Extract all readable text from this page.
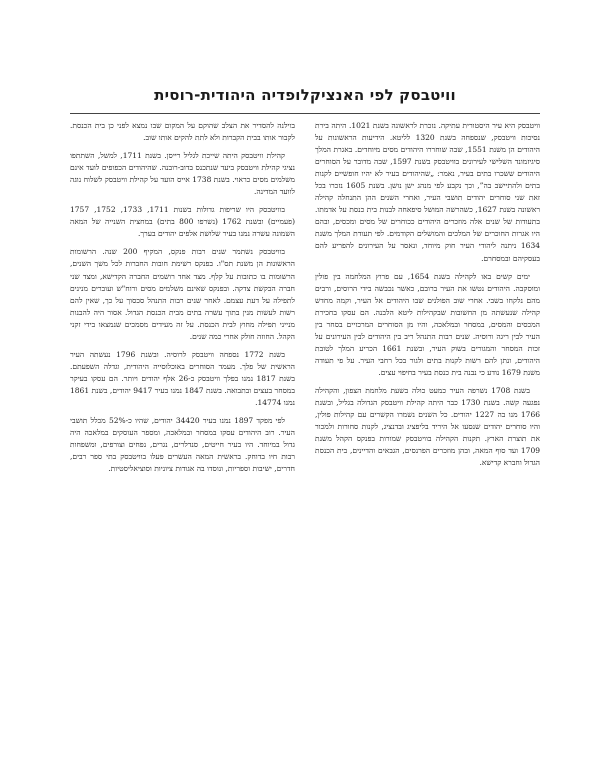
וויטבסק לפי האנציקלופדיה היהודית-רוסית

וויטבסק היא עיר היסטורית עתיקה. נזכרת לראשונה בשנת 1021. היתה בירת נסיכות וויטבסק, שנספחה בשנת 1320 לליטא. הידיעות הראשונות על היהודים הן משנת 1551, שבה שוחררו היהודים מסים מיוחדים. באגרת המלך סיגיזמונד השלישי לעירונים בוויטבסק בשנת 1597, שבה מדובר על הסוחרים היהודים ששכרו בתים בעיר, נאמר: „שהיהודים בעיר לא יהיו חופשיים לקנות בתים ולהתיישב בה”, וכך נקבע לפי מנהג ישן נושן. בשנת 1605 נזכרו בכל זאת שני סוחרים יהודים תושבי העיר, ואחרי השנים ההן התנחלה קהילה ראשונה בשנת 1627, כשהרשה המושל סיפאחה לבנות בית כנסת על אדמתו. בתעודות של שנים אלה מוזכרים היהודים ככוחרים של מסים ומכסים, ובהם היו אגרות החוכרים של המלכים והמושלים הקודמים. לפי תעודת המלך משנת 1634 ניתנה ליהודי העיר חוק מיוחד, ונאסר על העירונים להפריע להם בעסקיהם ובמסחרם.

ימים קשים באו לקהילה בשנת 1654, עם פרוץ המלחמה בין פולין ומוסקבה. היהודים נטשו את העיר ברובם, כאשר נכבשה בידי הרוסים, ורבים מהם נלקחו בשבי. אחרי שוב הפולנים שבו היהודים אל העיר, וקמה מחדש קהילה שנעשתה מן החשובות שבקהילות ליטא הלבנה. הם עסקו בחכירת המכסים והמסים, במסחר ובמלאכה, והיו מן הסוחרים המרכזיים בסחר בין העיר לבין ריגה ורוסיה. שנים רבות התנהל ריב בין היהודים לבין העירונים על זכות המסחר והמגורים בשוק העיר, ובשנת 1661 הכריע המלך לטובת היהודים, ונתן להם רשות לקנות בתים ולגור בכל רחבי העיר. על פי תעודה משנת 1679 נודע כי נבנה בית כנסת בעיר בחיפוי עצים.

בשנת 1708 נשרפה העיר כמעט כולה בשעת מלחמת הצפון, והקהילה נפגעה קשה. בשנת 1730 כבר היתה קהילת וויטבסק הגדולה בגליל, ובשנת 1766 מנו בה 1227 יהודים. כל השנים נשמרו הקשרים עם קהילות פולין, והיו סוחרים יהודים שנסעו אל היריד בליפציג ובדנציג, לקנות סחורות ולמכור את תוצרת הארץ. תקנות הקהילה בוויטבסק שמורות בפנקס הקהל משנת 1709 ועד סוף המאה, ובהן מוזכרים הפרנסים, הגבאים והדיינים, בית הכנסת הגדול וחברא קדישא.

בוילנה להסדיר את הצלב שהוקם על המקום שבו נמצא לפני כן בית הכנסת. לקבור אותו בבית הקברות ולא לתת להקים אותו שוב.

קהילת וויטבסק היתה שייכת לגליל רייסן. בשנת 1711, למשל, השתתפו נציגי קהילת וויטבסק ביעד שנתכנס בדוב-רובנה. שהיהודים הכפופים לועד אינם משלמים מסים כראוי. בשנת 1738 אייס הועד על קהילת וויטבסק לשלוח נוגה לוועד המדינה.

בוויטבסק היו שריפות גדולות בשנות 1711, 1733, 1752, 1757 (פעמיים) ובשנת 1762 (נשרפו 800 בתים) במחצית השנייה של המאה השמונה עשרה נמנו בעיר שלושת אלפים יהודים בערך.

בוויטבסק נשתמר שנים רבות פנקס, המקיף 200 שנה. הרשומות הראשונות הן משנת תס"ו. בפנקס רשימת חובות החברות לכל משך השנים, הרשומות בו כתובות על קלף. מצד אחד רושמים החברה הקדישא, ומצד שני חברה הבקשת צדקה. ובפנקס שאינם משלמים מסים ורוח"ש ועוברים מנינים לתפילה על דעת עצמם. לאחר שנים רבות התנהל סכסוך על כך, שאין להם רשות לעשות מנין בתוך עשרה בתים מבית הכנסת הגדול. אסור היה להבנות מנייני תפילה מחוץ לבית הכנסת. על זה מעידים מסמכים שנמצאו בידי זקני הקהל. החוזה חולק אחרי כמה שנים.

בשנת 1772 נספחה וויטבסק לרוסיה. ובשנת 1796 נעשתה העיר הראשית של פלך. מעמד הסוחרים באוכלוסייה היהודית, וגדלה השפעתם. בשנת 1817 נמנו בפלך וויטבסק כ-26 אלף יהודים ויותר. הם עסקו בעיקר במסחר בעצים ובתבואה. בשנת 1847 נמנו בעיר 9417 יהודים, בשנת 1861 נמנו 14774.

לפי מפקד 1897 נמנו בעיר 34420 יהודים, שהיו כ-52% מכלל תושבי העיר. רוב היהודים עסקו במסחר ובמלאכה, ומספר העוסקים במלאכה היה גדול במיוחד. היו בעיר חייטים, סנדלרים, נגרים, נפחים וצורפים, ומשפחות רבות חיו בדוחק. בראשית המאה העשרים פעלו בוויטבסק בתי ספר רבים, חדרים, ישיבות וספריות, ונוסדו בה אגודות ציוניות וסוציאליסטיות.
